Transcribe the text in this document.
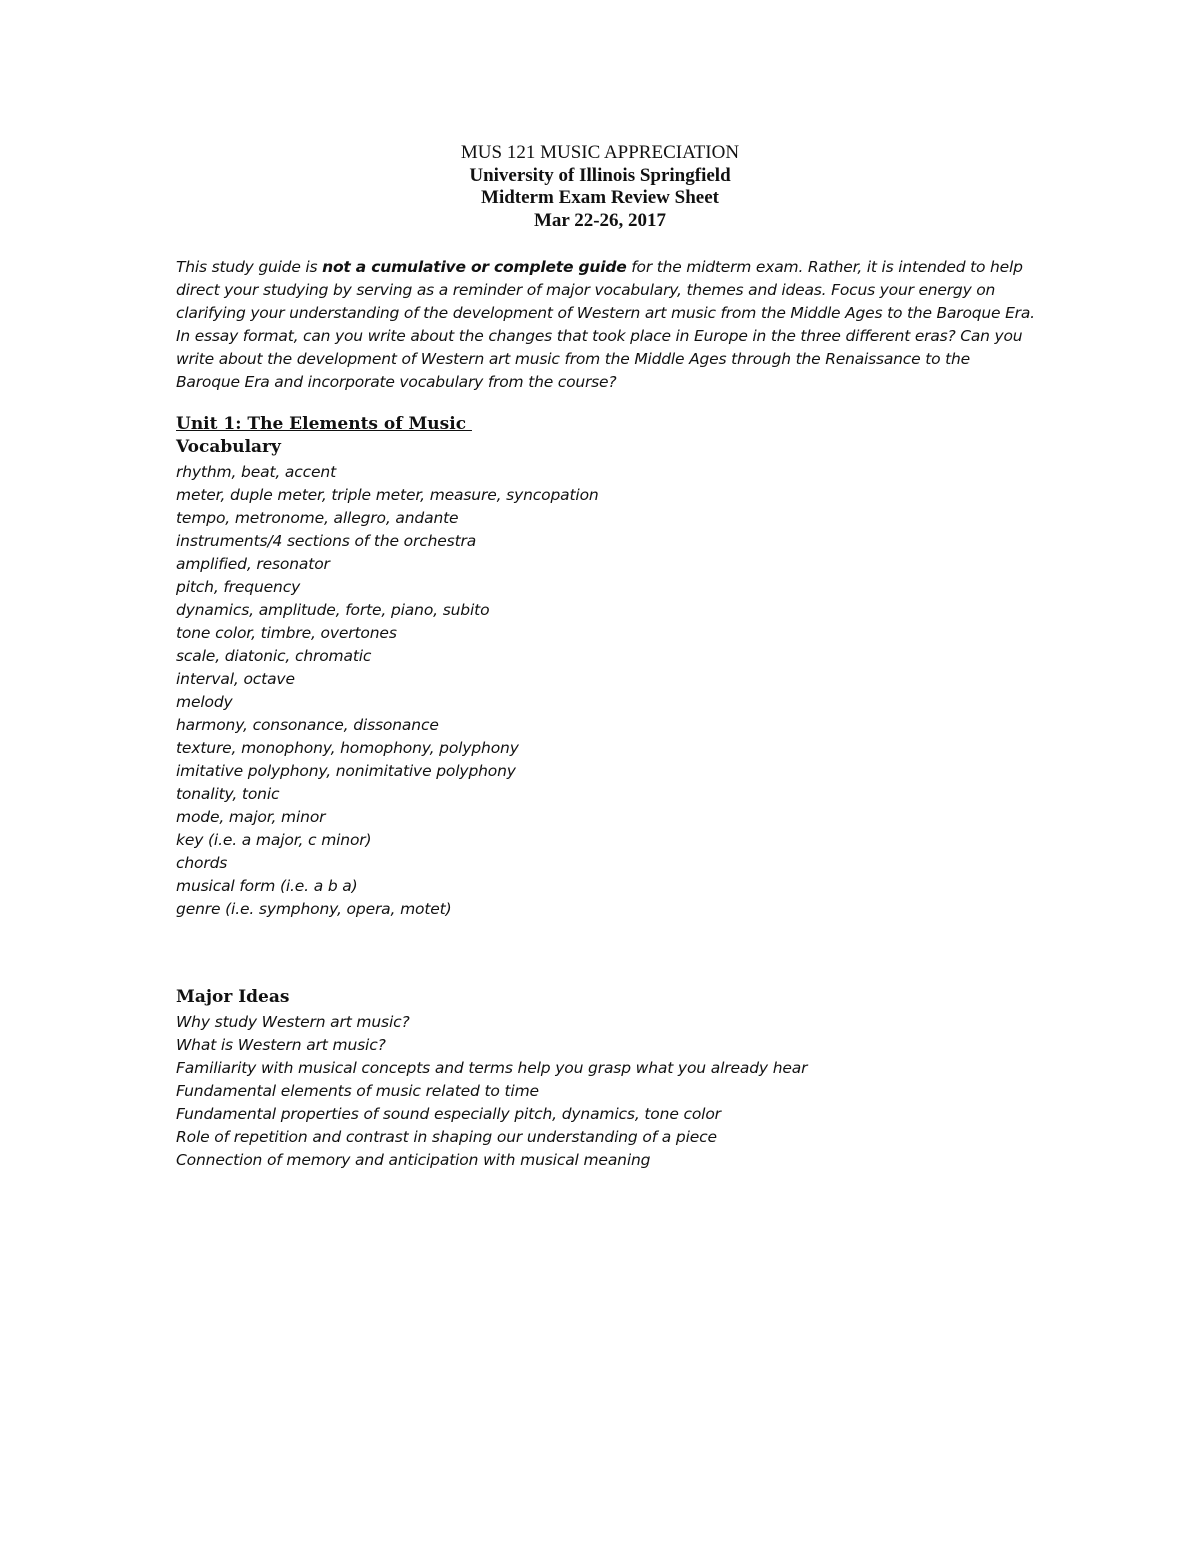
MUS 121 MUSIC APPRECIATION
University of Illinois Springfield
Midterm Exam Review Sheet
Mar 22-26, 2017
This study guide is not a cumulative or complete guide for the midterm exam. Rather, it is intended to help direct your studying by serving as a reminder of major vocabulary, themes and ideas. Focus your energy on clarifying your understanding of the development of Western art music from the Middle Ages to the Baroque Era. In essay format, can you write about the changes that took place in Europe in the three different eras? Can you write about the development of Western art music from the Middle Ages through the Renaissance to the Baroque Era and incorporate vocabulary from the course?
Unit 1: The Elements of Music
Vocabulary
rhythm, beat, accent
meter, duple meter, triple meter, measure, syncopation
tempo, metronome, allegro, andante
instruments/4 sections of the orchestra
amplified, resonator
pitch, frequency
dynamics, amplitude, forte, piano, subito
tone color, timbre, overtones
scale, diatonic, chromatic
interval, octave
melody
harmony, consonance, dissonance
texture, monophony, homophony, polyphony
imitative polyphony, nonimitative polyphony
tonality, tonic
mode, major, minor
key (i.e. a major, c minor)
chords
musical form (i.e. a b a)
genre (i.e. symphony, opera, motet)
Major Ideas
Why study Western art music?
What is Western art music?
Familiarity with musical concepts and terms help you grasp what you already hear
Fundamental elements of music related to time
Fundamental properties of sound especially pitch, dynamics, tone color
Role of repetition and contrast in shaping our understanding of a piece
Connection of memory and anticipation with musical meaning
